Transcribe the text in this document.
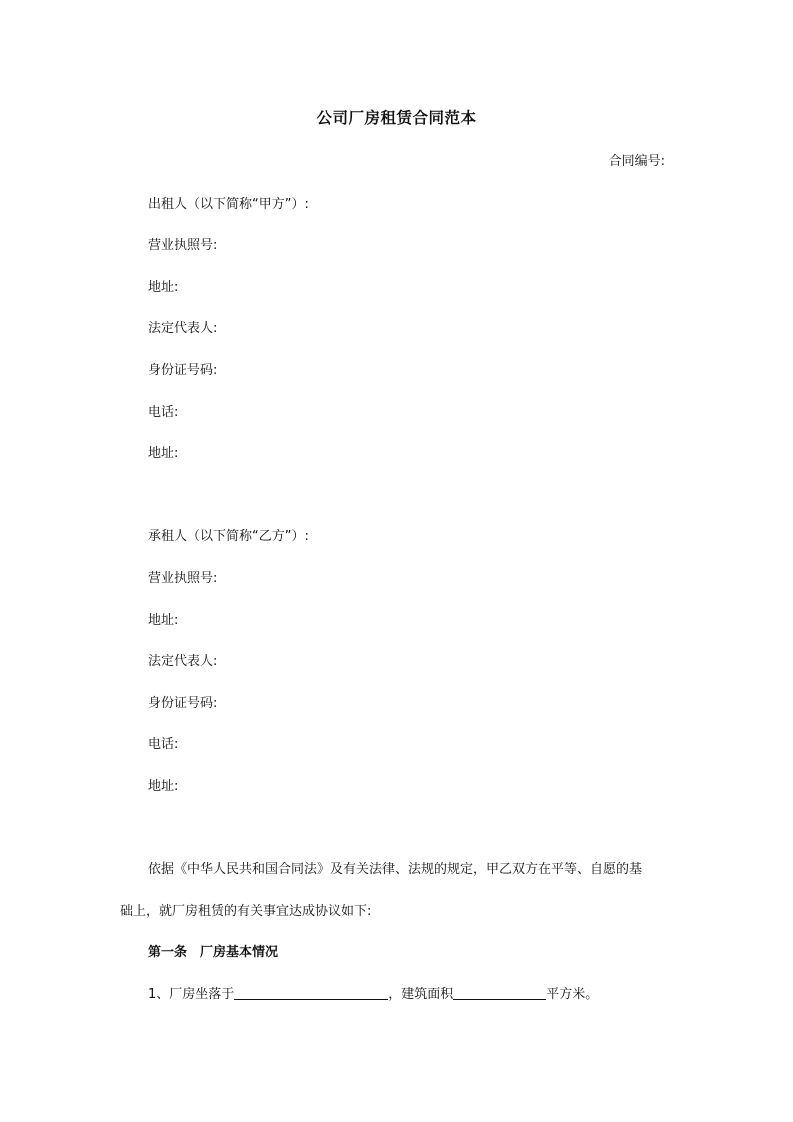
公司厂房租赁合同范本
合同编号:
出租人（以下简称“甲方”）:
营业执照号:
地址:
法定代表人:
身份证号码:
电话:
地址:
承租人（以下简称“乙方”）:
营业执照号:
地址:
法定代表人:
身份证号码:
电话:
地址:
依据《中华人民共和国合同法》及有关法律、法规的规定，甲乙双方在平等、自愿的基
础上，就厂房租赁的有关事宜达成协议如下:
第一条　厂房基本情况
1、厂房坐落于	，建筑面积	平方米。
